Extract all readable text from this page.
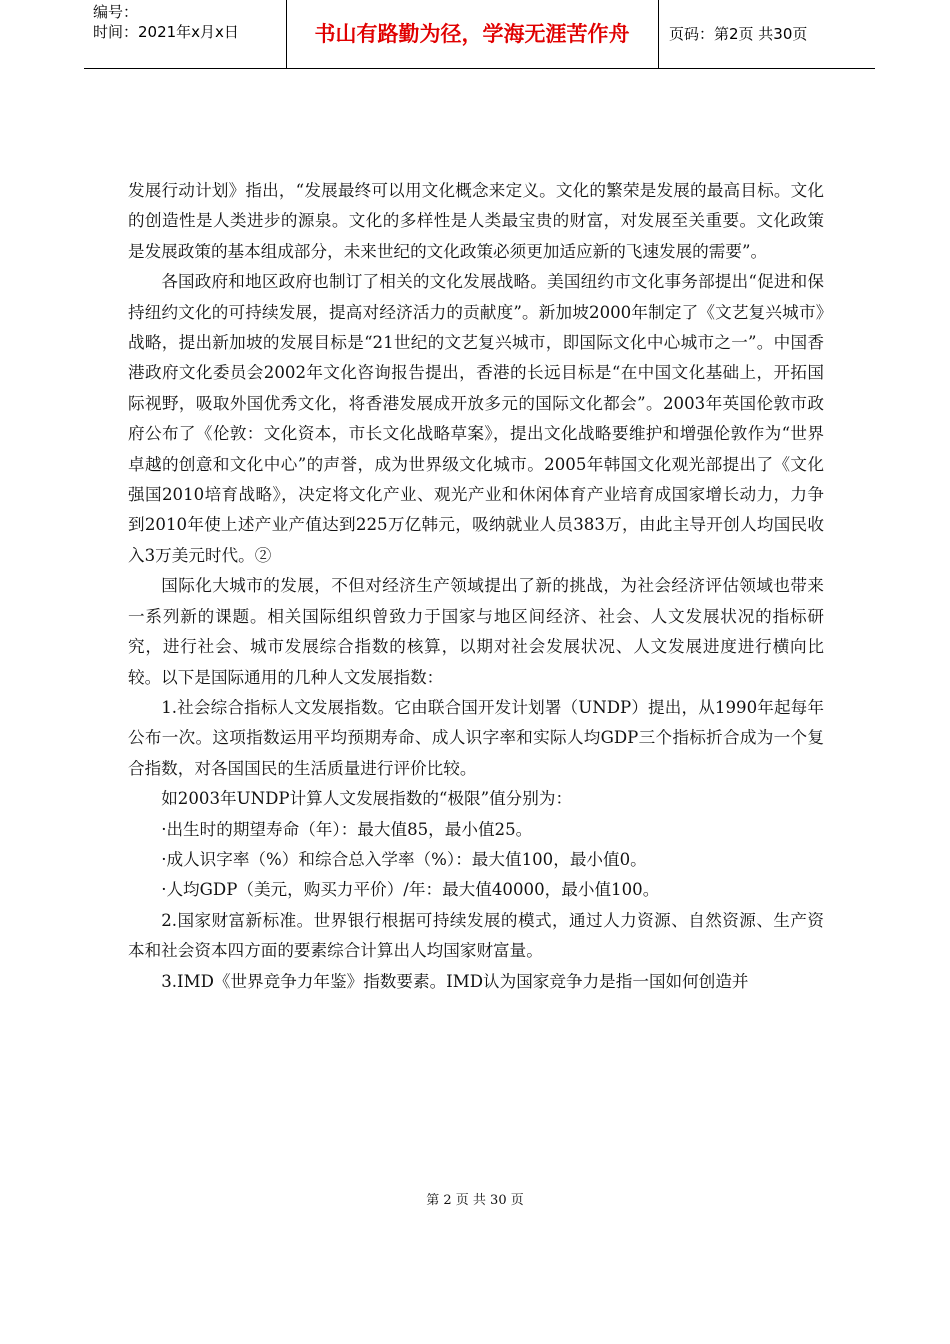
编号：
时间：2021年x月x日	书山有路勤为径，学海无涯苦作舟	页码：第2页 共30页

发展行动计划》指出，“发展最终可以用文化概念来定义。文化的繁荣是发展的最高目标。文化的创造性是人类进步的源泉。文化的多样性是人类最宝贵的财富，对发展至关重要。文化政策是发展政策的基本组成部分，未来世纪的文化政策必须更加适应新的飞速发展的需要”。

各国政府和地区政府也制订了相关的文化发展战略。美国纽约市文化事务部提出“促进和保持纽约文化的可持续发展，提高对经济活力的贡献度”。新加坡2000年制定了《文艺复兴城市》战略，提出新加坡的发展目标是“21世纪的文艺复兴城市，即国际文化中心城市之一”。中国香港政府文化委员会2002年文化咨询报告提出，香港的长远目标是“在中国文化基础上，开拓国际视野，吸取外国优秀文化，将香港发展成开放多元的国际文化都会”。2003年英国伦敦市政府公布了《伦敦：文化资本，市长文化战略草案》，提出文化战略要维护和增强伦敦作为“世界卓越的创意和文化中心”的声誉，成为世界级文化城市。2005年韩国文化观光部提出了《文化强国2010培育战略》，决定将文化产业、观光产业和休闲体育产业培育成国家增长动力，力争到2010年使上述产业产值达到225万亿韩元，吸纳就业人员383万，由此主导开创人均国民收入3万美元时代。②

国际化大城市的发展，不但对经济生产领域提出了新的挑战，为社会经济评估领域也带来一系列新的课题。相关国际组织曾致力于国家与地区间经济、社会、人文发展状况的指标研究，进行社会、城市发展综合指数的核算，以期对社会发展状况、人文发展进度进行横向比较。以下是国际通用的几种人文发展指数：

1.社会综合指标人文发展指数。它由联合国开发计划署（UNDP）提出，从1990年起每年公布一次。这项指数运用平均预期寿命、成人识字率和实际人均GDP三个指标折合成为一个复合指数，对各国国民的生活质量进行评价比较。

如2003年UNDP计算人文发展指数的“极限”值分别为：

·出生时的期望寿命（年）：最大值85，最小值25。

·成人识字率（%）和综合总入学率（%）：最大值100，最小值0。

·人均GDP（美元，购买力平价）/年：最大值40000，最小值100。

2.国家财富新标准。世界银行根据可持续发展的模式，通过人力资源、自然资源、生产资本和社会资本四方面的要素综合计算出人均国家财富量。

3.IMD《世界竞争力年鉴》指数要素。IMD认为国家竞争力是指一国如何创造并

第 2 页 共 30 页
